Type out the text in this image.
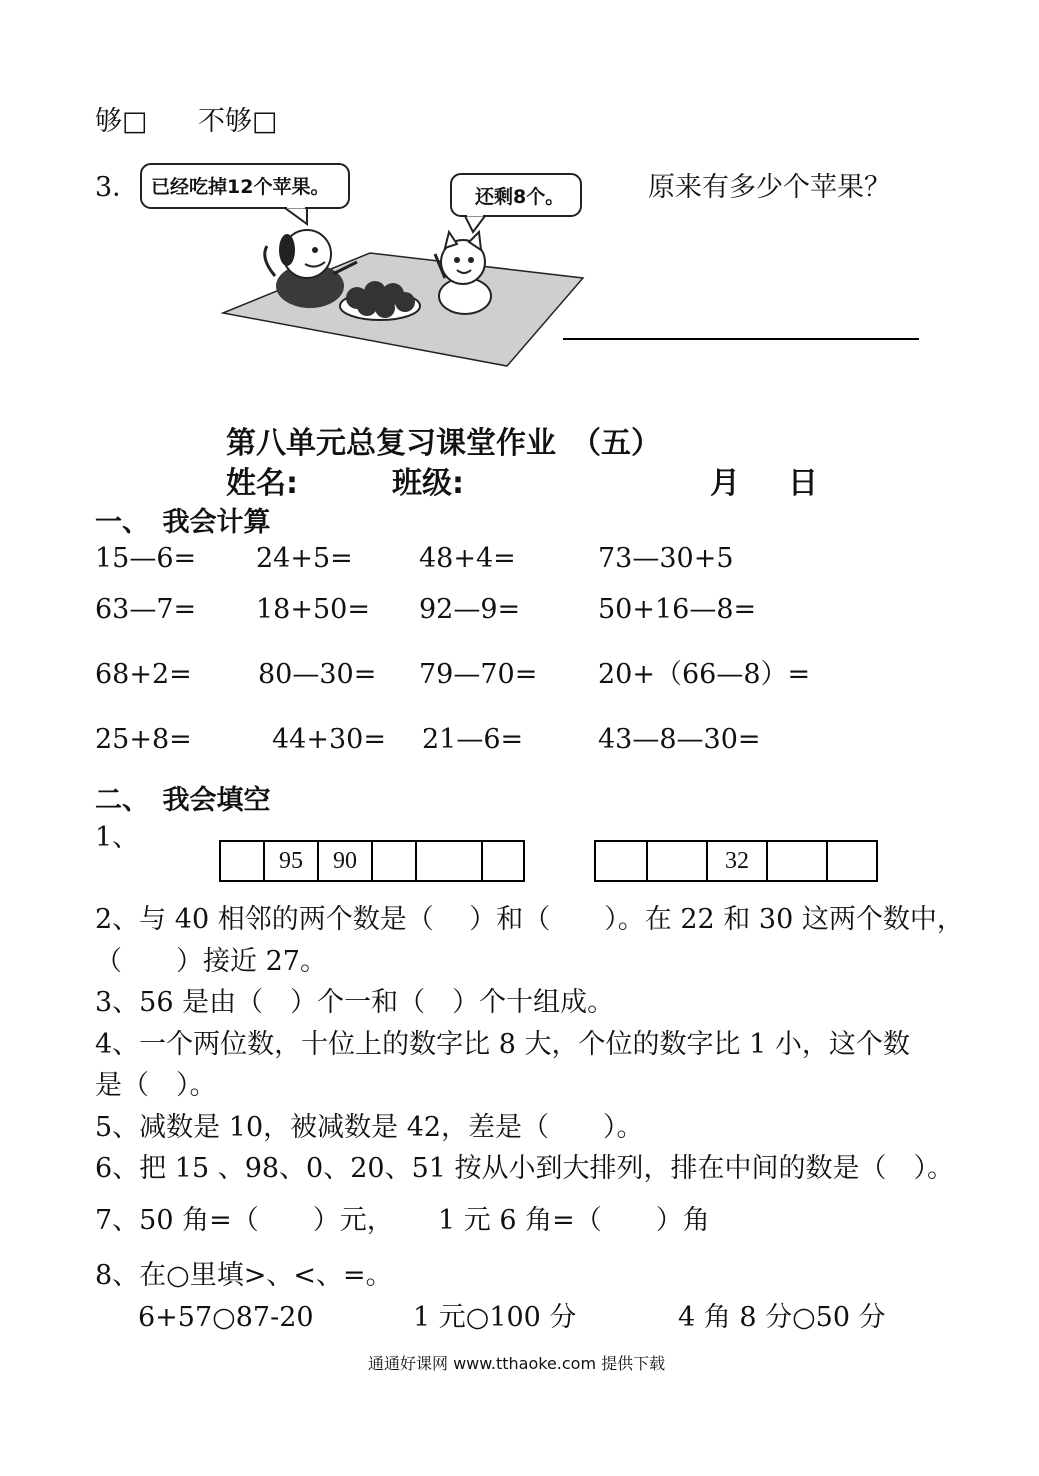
够□ 不够□
3． 已经吃掉12个苹果。	还剩8个。	原来有多少个苹果？
第八单元总复习课堂作业　（五）
姓名:	班级:	月 日
一、　我会计算
15—6= 24+5= 48+4=	73—30+5
63—7= 18+50= 92—9=	50+16—8=
68+2= 80—30= 79—70= 20+（66—8）=
25+8=	44+30= 21—6=	43—8—30=
二、　我会填空
1、
	95	90			
			32		
2、与 40 相邻的两个数是（　 ）和（　　）。在 22 和 30 这两个数中，
（　　）接近 27。
3、56 是由（　）个一和（　）个十组成。
4、一个两位数，十位上的数字比 8 大，个位的数字比 1 小，这个数
是（　）。
5、减数是 10，被减数是 42，差是（　　）。
6、把 15 、98、0、20、51 按从小到大排列，排在中间的数是（　）。
7、50 角=（　　）元， 1 元 6 角=（　　）角
8、在○里填>、<、=。
6+57○87-20	1 元○100 分	4 角 8 分○50 分
通通好课网 www.tthaoke.com 提供下载
